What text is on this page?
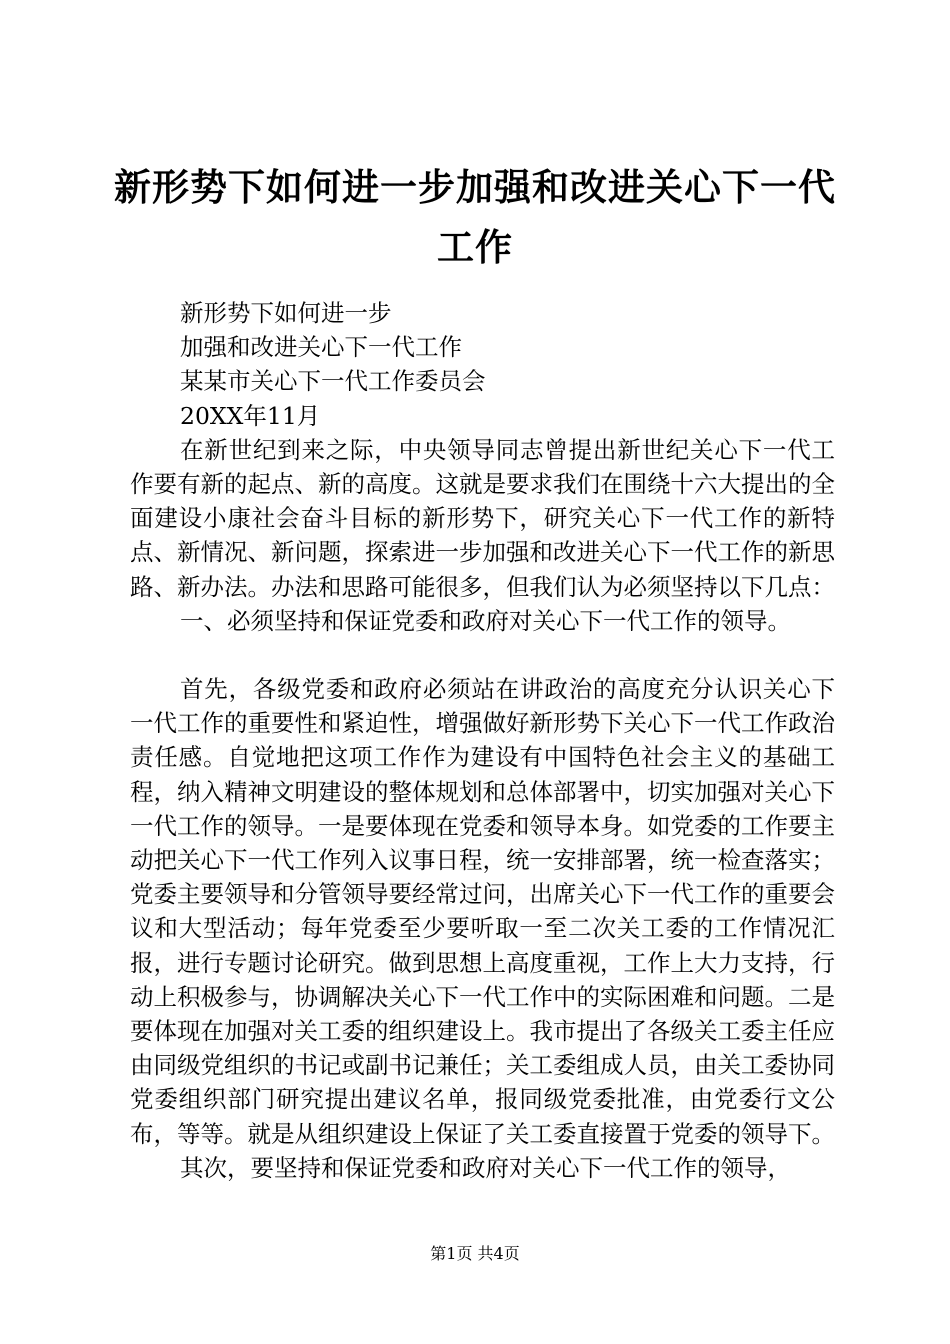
新形势下如何进一步加强和改进关心下一代工作
新形势下如何进一步
加强和改进关心下一代工作
某某市关心下一代工作委员会
20XX年11月

在新世纪到来之际，中央领导同志曾提出新世纪关心下一代工作要有新的起点、新的高度。这就是要求我们在围绕十六大提出的全面建设小康社会奋斗目标的新形势下，研究关心下一代工作的新特点、新情况、新问题，探索进一步加强和改进关心下一代工作的新思路、新办法。办法和思路可能很多，但我们认为必须坚持以下几点：

一、必须坚持和保证党委和政府对关心下一代工作的领导。

首先，各级党委和政府必须站在讲政治的高度充分认识关心下一代工作的重要性和紧迫性，增强做好新形势下关心下一代工作政治责任感。自觉地把这项工作作为建设有中国特色社会主义的基础工程，纳入精神文明建设的整体规划和总体部署中，切实加强对关心下一代工作的领导。一是要体现在党委和领导本身。如党委的工作要主动把关心下一代工作列入议事日程，统一安排部署，统一检查落实；党委主要领导和分管领导要经常过问，出席关心下一代工作的重要会议和大型活动；每年党委至少要听取一至二次关工委的工作情况汇报，进行专题讨论研究。做到思想上高度重视，工作上大力支持，行动上积极参与，协调解决关心下一代工作中的实际困难和问题。二是要体现在加强对关工委的组织建设上。我市提出了各级关工委主任应由同级党组织的书记或副书记兼任；关工委组成人员，由关工委协同党委组织部门研究提出建议名单，报同级党委批准，由党委行文公布，等等。就是从组织建设上保证了关工委直接置于党委的领导下。

其次，要坚持和保证党委和政府对关心下一代工作的领导，

第1页 共4页
